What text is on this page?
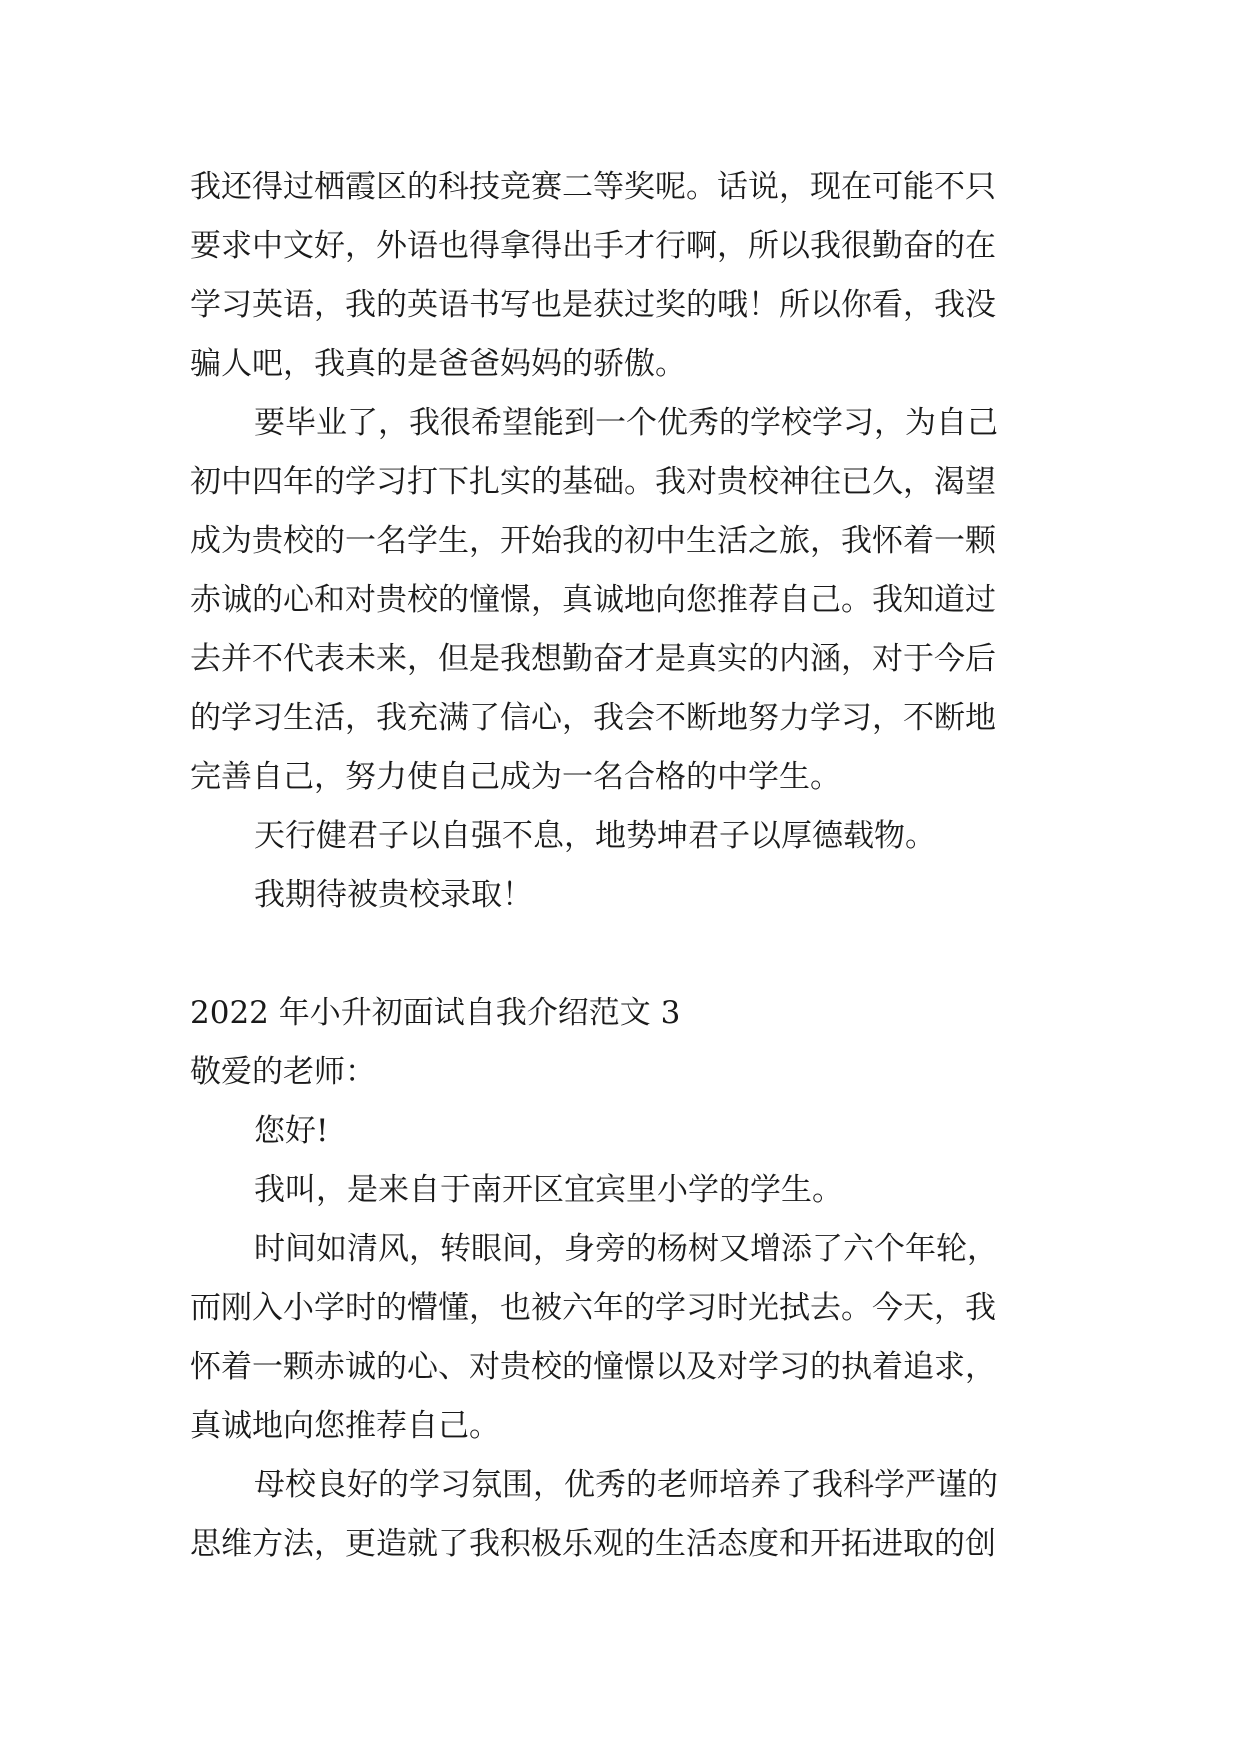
我还得过栖霞区的科技竞赛二等奖呢。话说，现在可能不只
要求中文好，外语也得拿得出手才行啊，所以我很勤奋的在
学习英语，我的英语书写也是获过奖的哦！所以你看，我没
骗人吧，我真的是爸爸妈妈的骄傲。
要毕业了，我很希望能到一个优秀的学校学习，为自己
初中四年的学习打下扎实的基础。我对贵校神往已久，渴望
成为贵校的一名学生，开始我的初中生活之旅，我怀着一颗
赤诚的心和对贵校的憧憬，真诚地向您推荐自己。我知道过
去并不代表未来，但是我想勤奋才是真实的内涵，对于今后
的学习生活，我充满了信心，我会不断地努力学习，不断地
完善自己，努力使自己成为一名合格的中学生。
天行健君子以自强不息，地势坤君子以厚德载物。
我期待被贵校录取！
2022 年小升初面试自我介绍范文 3
敬爱的老师：
您好!
我叫，是来自于南开区宜宾里小学的学生。
时间如清风，转眼间，身旁的杨树又增添了六个年轮，
而刚入小学时的懵懂，也被六年的学习时光拭去。今天，我
怀着一颗赤诚的心、对贵校的憧憬以及对学习的执着追求，
真诚地向您推荐自己。
母校良好的学习氛围，优秀的老师培养了我科学严谨的
思维方法，更造就了我积极乐观的生活态度和开拓进取的创
